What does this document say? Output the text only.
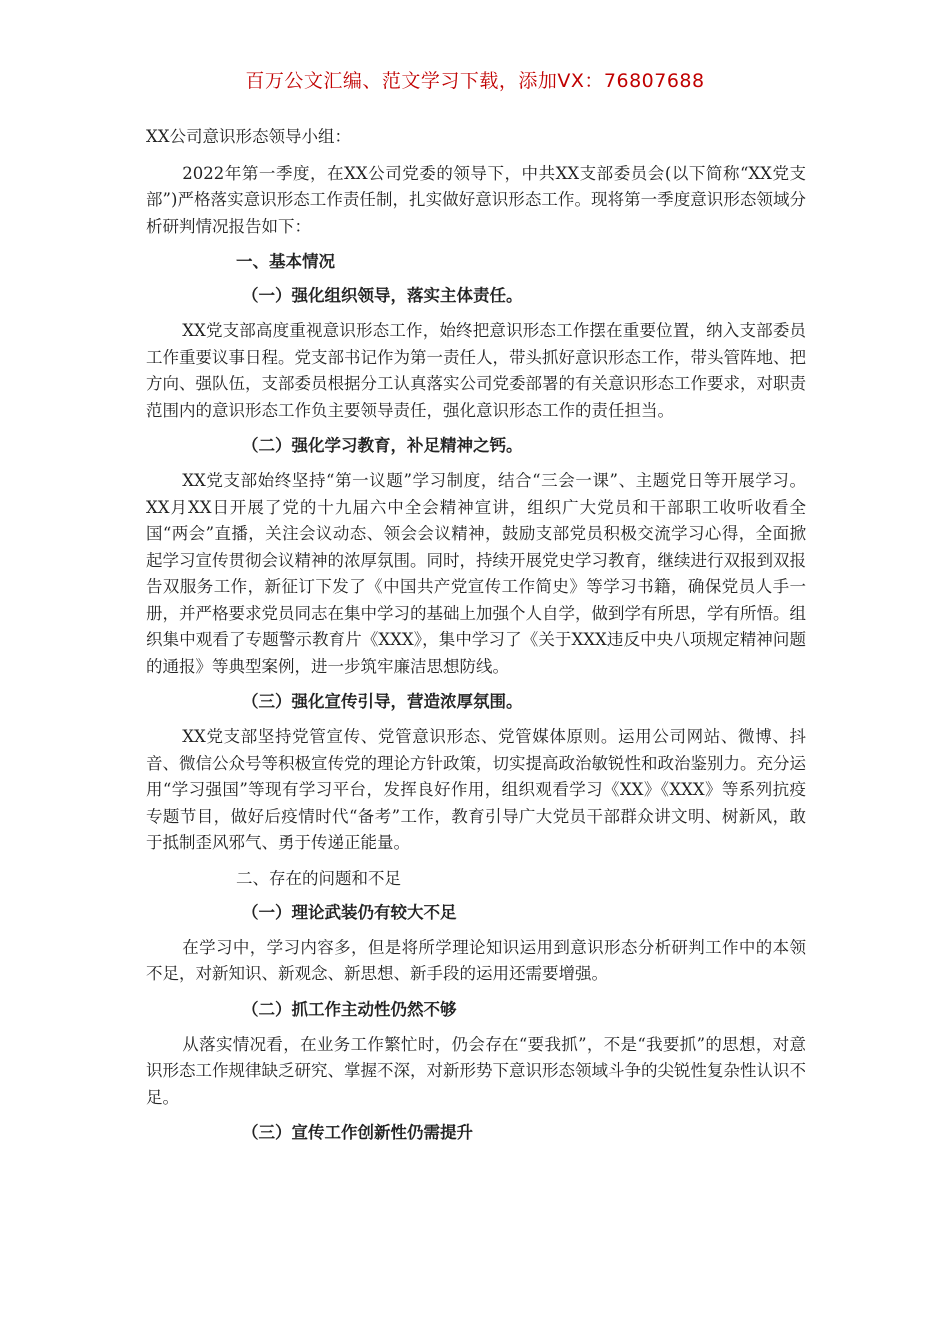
百万公文汇编、范文学习下载，添加VX：76807688

XX公司意识形态领导小组：

2022年第一季度，在XX公司党委的领导下，中共XX支部委员会(以下简称“XX党支部”)严格落实意识形态工作责任制，扎实做好意识形态工作。现将第一季度意识形态领域分析研判情况报告如下：

一、基本情况
（一）强化组织领导，落实主体责任。

XX党支部高度重视意识形态工作，始终把意识形态工作摆在重要位置，纳入支部委员工作重要议事日程。党支部书记作为第一责任人，带头抓好意识形态工作，带头管阵地、把方向、强队伍，支部委员根据分工认真落实公司党委部署的有关意识形态工作要求，对职责范围内的意识形态工作负主要领导责任，强化意识形态工作的责任担当。

（二）强化学习教育，补足精神之钙。

XX党支部始终坚持“第一议题”学习制度，结合“三会一课”、主题党日等开展学习。XX月XX日开展了党的十九届六中全会精神宣讲，组织广大党员和干部职工收听收看全国“两会”直播，关注会议动态、领会会议精神，鼓励支部党员积极交流学习心得，全面掀起学习宣传贯彻会议精神的浓厚氛围。同时，持续开展党史学习教育，继续进行双报到双报告双服务工作，新征订下发了《中国共产党宣传工作简史》等学习书籍，确保党员人手一册，并严格要求党员同志在集中学习的基础上加强个人自学，做到学有所思，学有所悟。组织集中观看了专题警示教育片《XXX》，集中学习了《关于XXX违反中央八项规定精神问题的通报》等典型案例，进一步筑牢廉洁思想防线。

（三）强化宣传引导，营造浓厚氛围。

XX党支部坚持党管宣传、党管意识形态、党管媒体原则。运用公司网站、微博、抖音、微信公众号等积极宣传党的理论方针政策，切实提高政治敏锐性和政治鉴别力。充分运用“学习强国”等现有学习平台，发挥良好作用，组织观看学习《XX》《XXX》等系列抗疫专题节目，做好后疫情时代“备考”工作，教育引导广大党员干部群众讲文明、树新风，敢于抵制歪风邪气、勇于传递正能量。

二、存在的问题和不足
（一）理论武装仍有较大不足

在学习中，学习内容多，但是将所学理论知识运用到意识形态分析研判工作中的本领不足，对新知识、新观念、新思想、新手段的运用还需要增强。

（二）抓工作主动性仍然不够

从落实情况看，在业务工作繁忙时，仍会存在“要我抓”，不是“我要抓”的思想，对意识形态工作规律缺乏研究、掌握不深，对新形势下意识形态领域斗争的尖锐性复杂性认识不足。

（三）宣传工作创新性仍需提升
